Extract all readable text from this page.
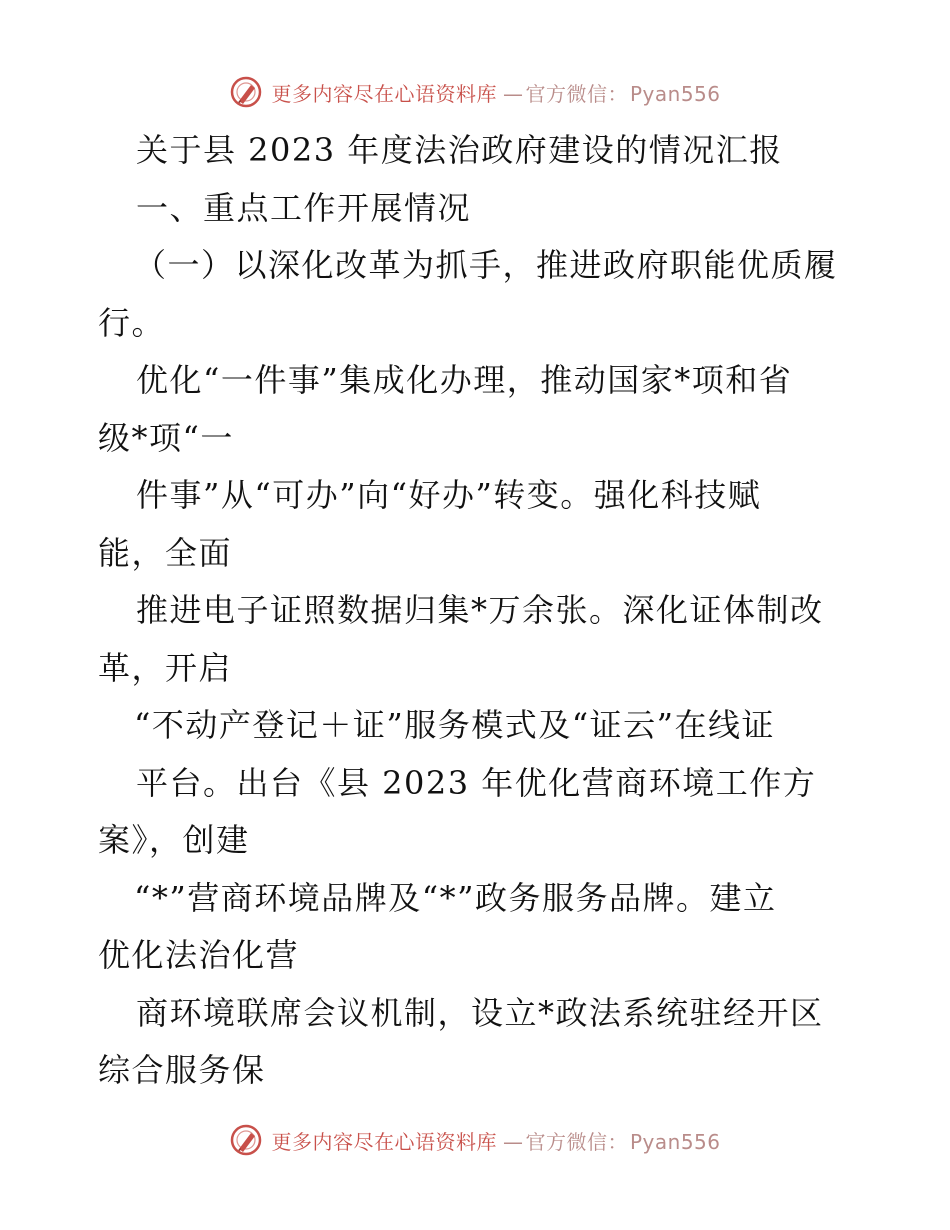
更多内容尽在心语资料库 — 官方微信： Pyan556
关于县 2023 年度法治政府建设的情况汇报
一、重点工作开展情况
（一）以深化改革为抓手，推进政府职能优质履
行。
优化“一件事”集成化办理，推动国家*项和省
级*项“一
件事”从“可办”向“好办”转变。强化科技赋
能，全面
推进电子证照数据归集*万余张。深化证体制改
革，开启
“不动产登记＋证”服务模式及“证云”在线证
平台。出台《县 2023 年优化营商环境工作方
案》，创建
“*”营商环境品牌及“*”政务服务品牌。建立
优化法治化营
商环境联席会议机制，设立*政法系统驻经开区
综合服务保
更多内容尽在心语资料库 — 官方微信： Pyan556
